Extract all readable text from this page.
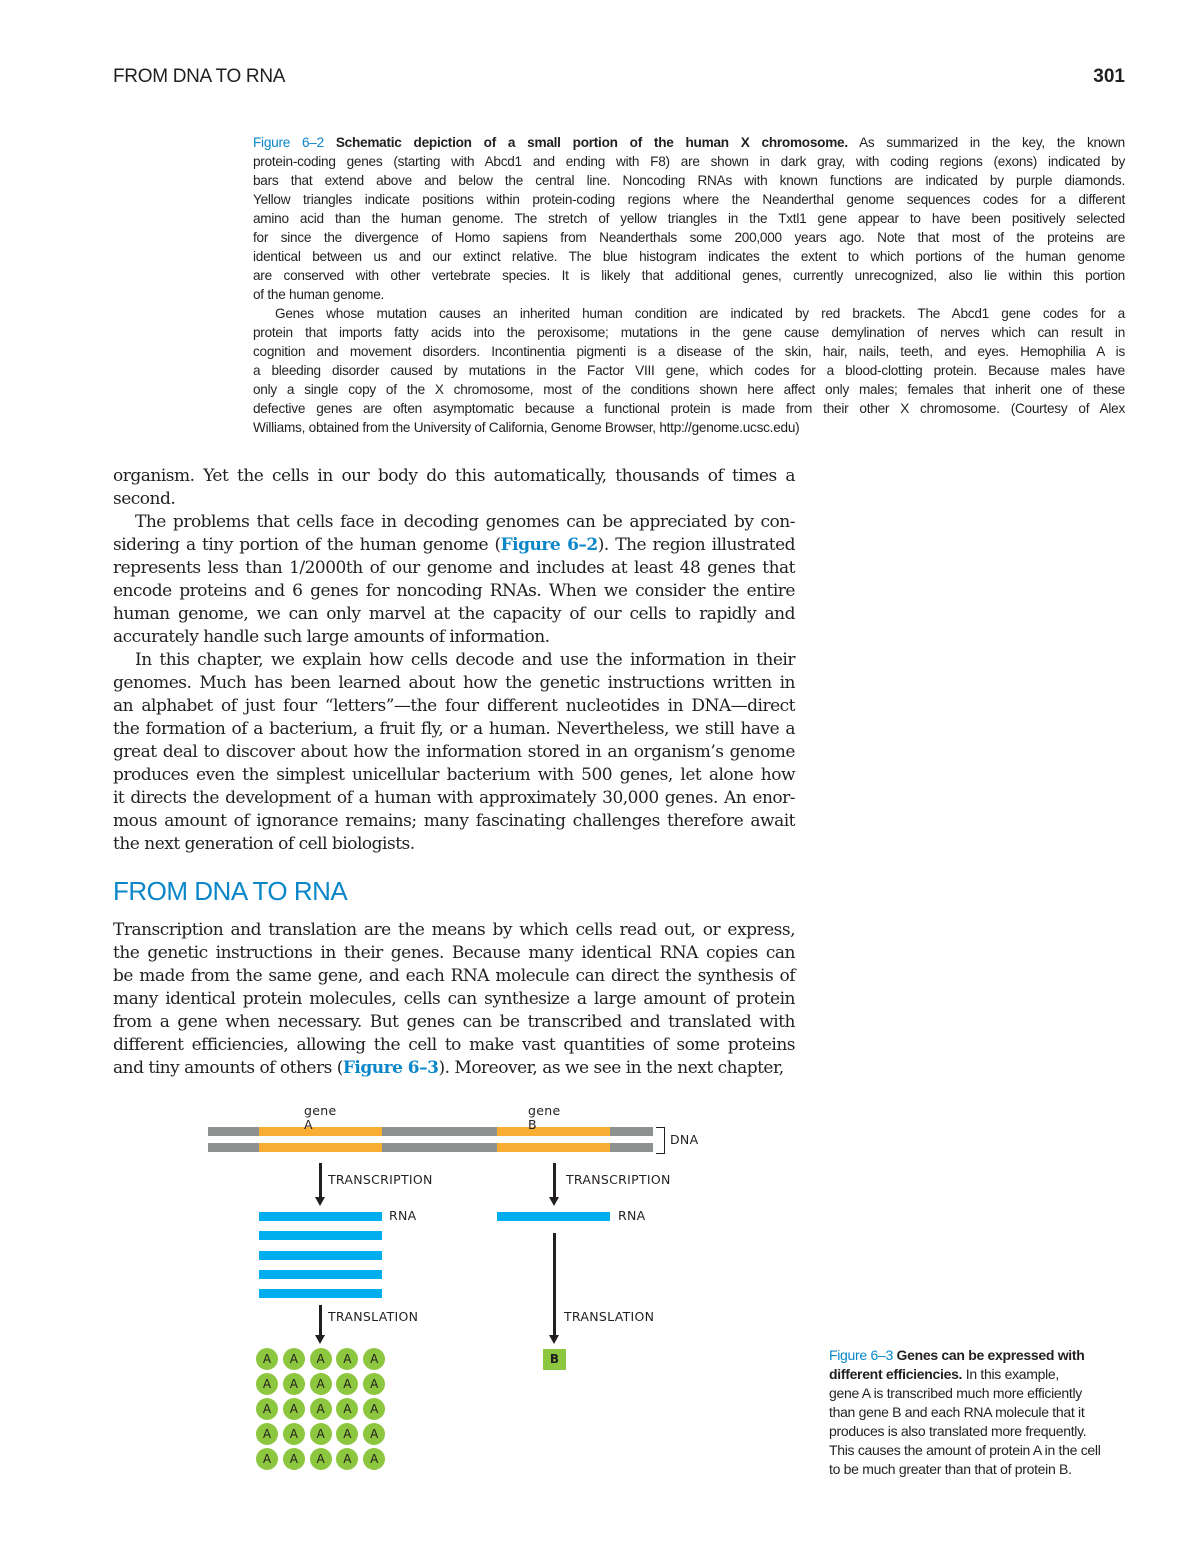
FROM DNA TO RNA	301
Figure 6–2 Schematic depiction of a small portion of the human X chromosome. As summarized in the key, the known
protein-coding genes (starting with Abcd1 and ending with F8) are shown in dark gray, with coding regions (exons) indicated by
bars that extend above and below the central line. Noncoding RNAs with known functions are indicated by purple diamonds.
Yellow triangles indicate positions within protein-coding regions where the Neanderthal genome sequences codes for a different
amino acid than the human genome. The stretch of yellow triangles in the Txtl1 gene appear to have been positively selected
for since the divergence of Homo sapiens from Neanderthals some 200,000 years ago. Note that most of the proteins are
identical between us and our extinct relative. The blue histogram indicates the extent to which portions of the human genome
are conserved with other vertebrate species. It is likely that additional genes, currently unrecognized, also lie within this portion
of the human genome.
Genes whose mutation causes an inherited human condition are indicated by red brackets. The Abcd1 gene codes for a
protein that imports fatty acids into the peroxisome; mutations in the gene cause demylination of nerves which can result in
cognition and movement disorders. Incontinentia pigmenti is a disease of the skin, hair, nails, teeth, and eyes. Hemophilia A is
a bleeding disorder caused by mutations in the Factor VIII gene, which codes for a blood-clotting protein. Because males have
only a single copy of the X chromosome, most of the conditions shown here affect only males; females that inherit one of these
defective genes are often asymptomatic because a functional protein is made from their other X chromosome. (Courtesy of Alex
Williams, obtained from the University of California, Genome Browser, http://genome.ucsc.edu)
organism. Yet the cells in our body do this automatically, thousands of times a
second.
The problems that cells face in decoding genomes can be appreciated by con-
sidering a tiny portion of the human genome (Figure 6–2). The region illustrated
represents less than 1/2000th of our genome and includes at least 48 genes that
encode proteins and 6 genes for noncoding RNAs. When we consider the entire
human genome, we can only marvel at the capacity of our cells to rapidly and
accurately handle such large amounts of information.
In this chapter, we explain how cells decode and use the information in their
genomes. Much has been learned about how the genetic instructions written in
an alphabet of just four “letters”—the four different nucleotides in DNA—direct
the formation of a bacterium, a fruit fly, or a human. Nevertheless, we still have a
great deal to discover about how the information stored in an organism’s genome
produces even the simplest unicellular bacterium with 500 genes, let alone how
it directs the development of a human with approximately 30,000 genes. An enor-
mous amount of ignorance remains; many fascinating challenges therefore await
the next generation of cell biologists.
FROM DNA TO RNA
Transcription and translation are the means by which cells read out, or express,
the genetic instructions in their genes. Because many identical RNA copies can
be made from the same gene, and each RNA molecule can direct the synthesis of
many identical protein molecules, cells can synthesize a large amount of protein
from a gene when necessary. But genes can be transcribed and translated with
different efficiencies, allowing the cell to make vast quantities of some proteins
and tiny amounts of others (Figure 6–3). Moreover, as we see in the next chapter,
gene A
gene B
DNA
TRANSCRIPTION	TRANSCRIPTION
RNA	RNA
TRANSLATION	TRANSLATION
B
A	A	A	A	A
A	A	A	A	A
A	A	A	A	A
A	A	A	A	A
A	A	A	A	A
Figure 6–3 Genes can be expressed with
different efficiencies. In this example,
gene A is transcribed much more efficiently
than gene B and each RNA molecule that it
produces is also translated more frequently.
This causes the amount of protein A in the cell
to be much greater than that of protein B.
